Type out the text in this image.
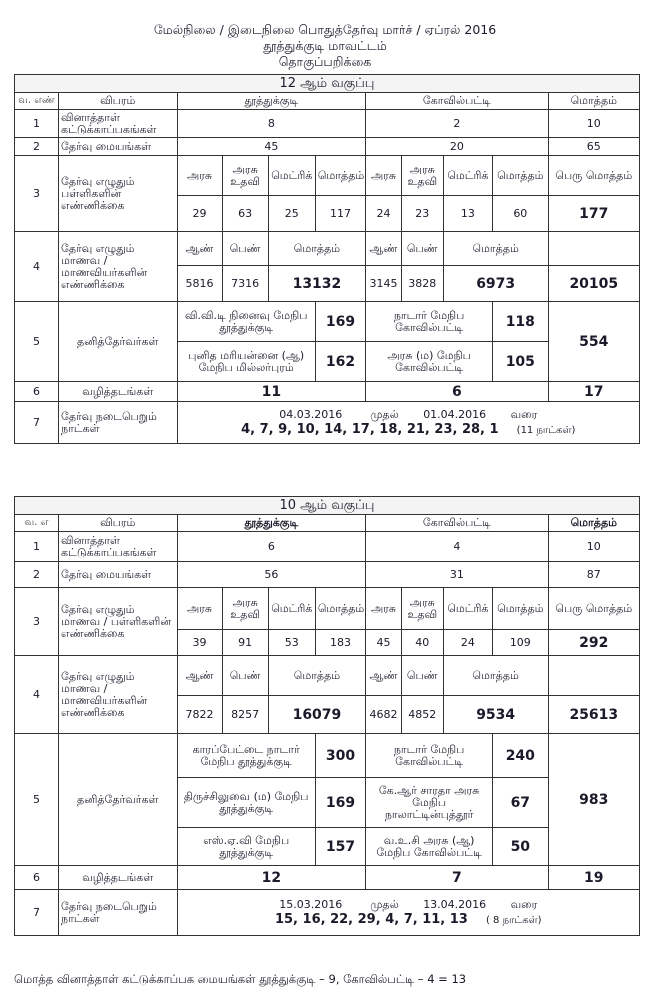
மேல்நிலை / இடைநிலை பொதுத்தேர்வு மார்ச் / ஏப்ரல் 2016
தூத்துக்குடி மாவட்டம்
தொகுப்பறிக்கை
12 ஆம் வகுப்பு										
வ. எண்	விபரம்	தூத்துக்குடி				கோவில்பட்டி				மொத்தம்
1	வினாத்தாள் கட்டுக்காப்பகங்கள்	8				2				10
2	தேர்வு மையங்கள்	45				20				65
3	தேர்வு எழுதும் பள்ளிகளின் எண்ணிக்கை	அரசு	அரசு உதவி	மெட்ரிக்	மொத்தம்	அரசு	அரசு உதவி	மெட்ரிக்	மொத்தம்	பெரு மொத்தம்
		29	63	25	117	24	23	13	60	177
4	தேர்வு எழுதும் மாணவ / மாணவியர்களின் எண்ணிக்கை	ஆண்	பெண்	மொத்தம்		ஆண்	பெண்	மொத்தம்		
		5816	7316	13132		3145	3828	6973		20105
5	தனித்தேர்வர்கள்	வி.வி.டி நினைவு மேநிப தூத்துக்குடி			169	நாடார் மேநிப கோவில்பட்டி			118	554
		புனித மரியன்னை (ஆ) மேநிப மில்லர்புரம்			162	அரசு (ம) மேநிப கோவில்பட்டி			105	
6	வழித்தடங்கள்	11				6				17
7	தேர்வு நடைபெறும் நாட்கள்	04.03.2016 முதல் 01.04.2016 வரை
4, 7, 9, 10, 14, 17, 18, 21, 23, 28, 1 (11 நாட்கள்)								
10 ஆம் வகுப்பு										
வ. எ	விபரம்	தூத்துக்குடி				கோவில்பட்டி				மொத்தம்
1	வினாத்தாள் கட்டுக்காப்பகங்கள்	6				4				10
2	தேர்வு மையங்கள்	56				31				87
3	தேர்வு எழுதும் மாணவ / பள்ளிகளின் எண்ணிக்கை	அரசு	அரசு உதவி	மெட்ரிக்	மொத்தம்	அரசு	அரசு உதவி	மெட்ரிக்	மொத்தம்	பெரு மொத்தம்
		39	91	53	183	45	40	24	109	292
4	தேர்வு எழுதும் மாணவ / மாணவியர்களின் எண்ணிக்கை	ஆண்	பெண்	மொத்தம்		ஆண்	பெண்	மொத்தம்		
		7822	8257	16079		4682	4852	9534		25613
5	தனித்தேர்வர்கள்	காரப்பேட்டை நாடார் மேநிப தூத்துக்குடி			300	நாடார் மேநிப கோவில்பட்டி			240	983
		திருச்சிலுவை (ம) மேநிப தூத்துக்குடி			169	கே.ஆர் சாரதா அரசு மேநிப நாலாட்டின்புத்தூர்			67	
		எஸ்.ஏ.வி மேநிப தூத்துக்குடி			157	வ.உ.சி அரசு (ஆ) மேநிப கோவில்பட்டி			50	
6	வழித்தடங்கள்	12				7				19
7	தேர்வு நடைபெறும் நாட்கள்	15.03.2016 முதல் 13.04.2016 வரை
15, 16, 22, 29, 4, 7, 11, 13 ( 8 நாட்கள்)								
மொத்த வினாத்தாள் கட்டுக்காப்பக மையங்கள் தூத்துக்குடி – 9, கோவில்பட்டி – 4 = 13
